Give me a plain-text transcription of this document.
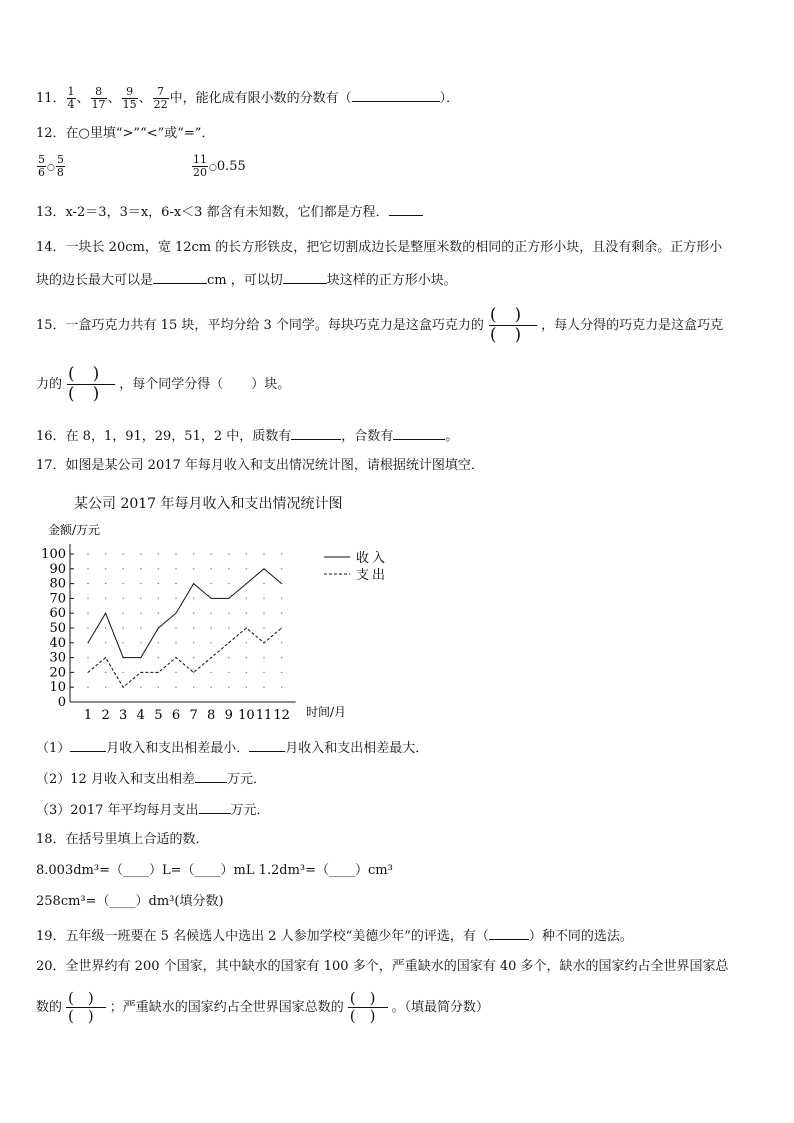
11． $\frac{1}{4}$ 、 $\frac{8}{17}$ 、 $\frac{9}{15}$ 、 $\frac{7}{22}$ 中，能化成有限小数的分数有（	）．
12．在○里填“>”“<”或“=”．
$\frac{5}{6}$ ○ $\frac{5}{8}$	$\frac{11}{20}$ ○0.55
13．x-2＝3，3＝x，6-x＜3 都含有未知数，它们都是方程．
14．一块长 20cm，宽 12cm 的长方形铁皮，把它切割成边长是整厘米数的相同的正方形小块，且没有剩余。正方形小
块的边长最大可以是	cm ，可以切	块这样的正方形小块。
15．一盒巧克力共有 15 块，平均分给 3 个同学。每块巧克力是这盒巧克力的
()
() ，每人分得的巧克力是这盒巧克
力的
()
() ，每个同学分得（ ）块。
16．在 8，1，91，29，51，2 中，质数有	，合数有	。
17．如图是某公司 2017 年每月收入和支出情况统计图，请根据统计图填空．
某公司 2017 年每月收入和支出情况统计图
金额/万元
时间/月
0
10
20
30
40
50
60
70
80
90
100
1 2 3 4 5 6 7 8 9 10 11 12
收入
支出
（1）	月收入和支出相差最小．	月收入和支出相差最大．
（2）12 月收入和支出相差 万元．
（3）2017 年平均每月支出 万元．
18．在括号里填上合适的数．
8.003dm³=（____）L=（____）mL 1.2dm³=（____）cm³
258cm³=（____）dm³(填分数)
19．五年级一班要在 5 名候选人中选出 2 人参加学校“美德少年”的评选，有（	）种不同的选法。
20．全世界约有 200 个国家，其中缺水的国家有 100 多个，严重缺水的国家有 40 多个，缺水的国家约占全世界国家总
数的
()
() ；严重缺水的国家约占全世界国家总数的
()
() 。（填最简分数）
